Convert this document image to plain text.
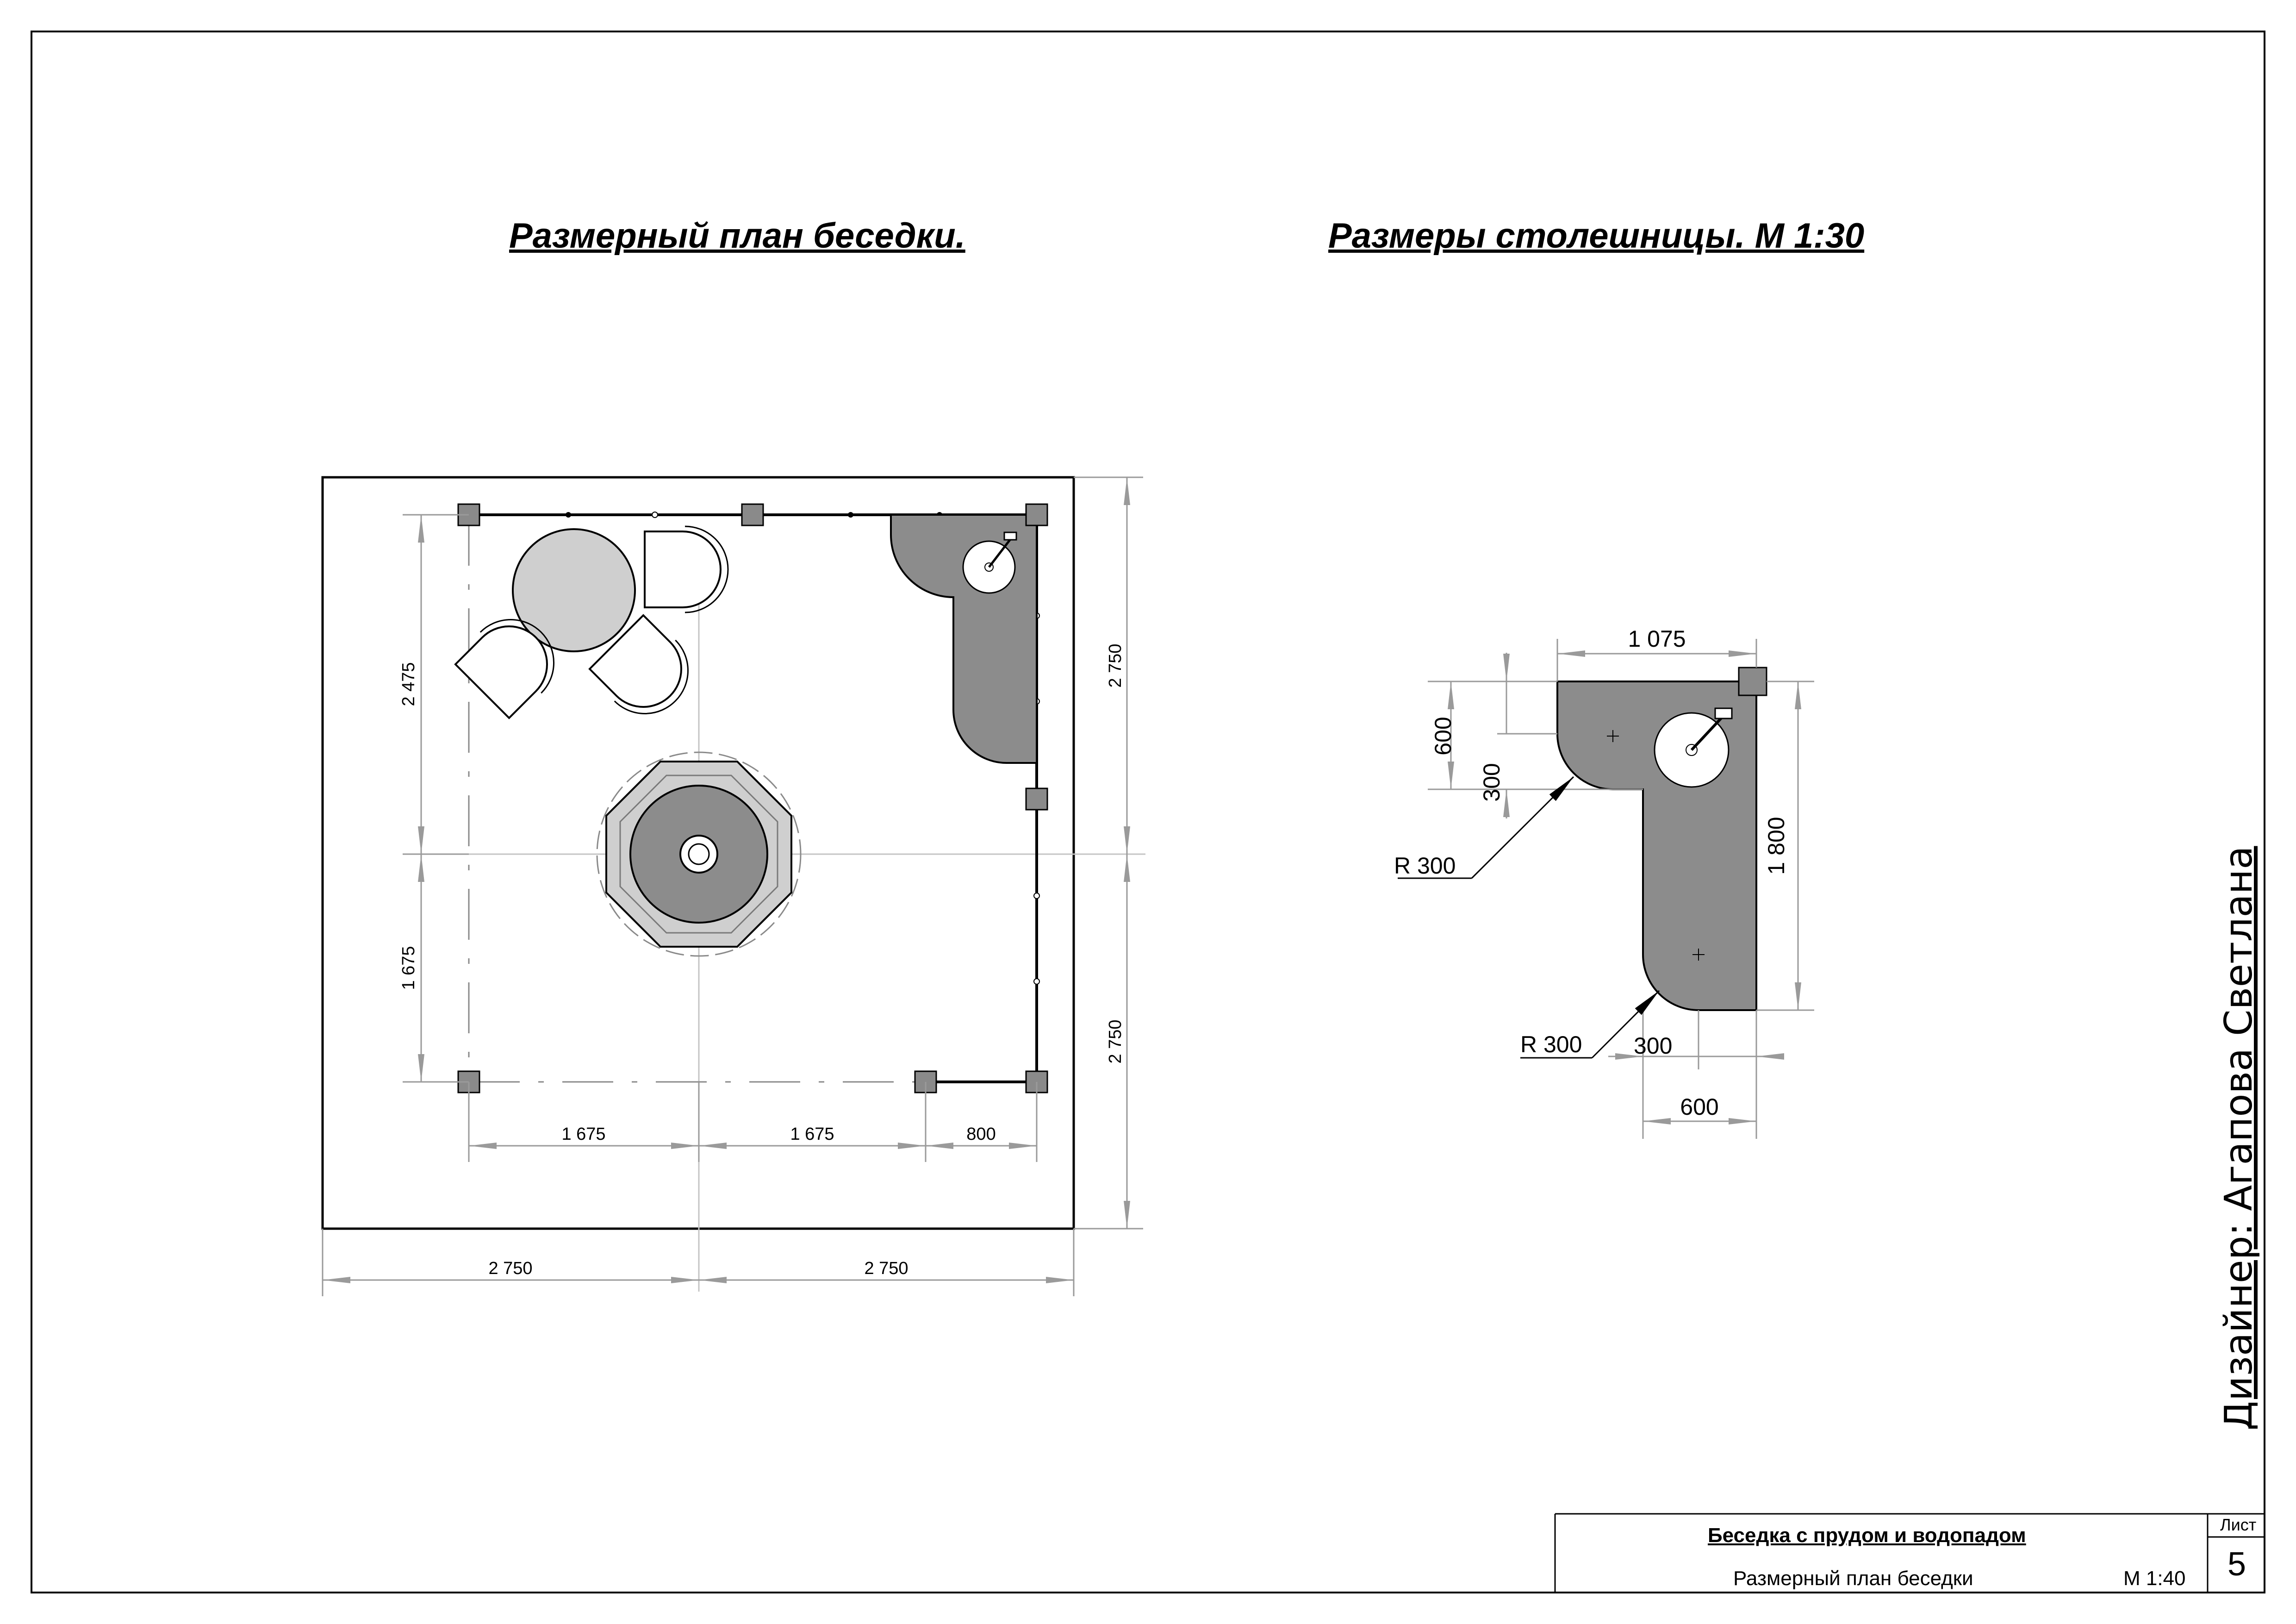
2 475
1 675
2 750
2 750
1 675	1 675	800
2 750	2 750
1 075
600
300
R 300	1 800
R 300 300
600
Размерный план беседки.	Размеры столешницы. М 1:30
Дизайнер: Агапова Светлана
Беседка с прудом и водопадом
Размерный план беседки	М 1:40
Лист
5
